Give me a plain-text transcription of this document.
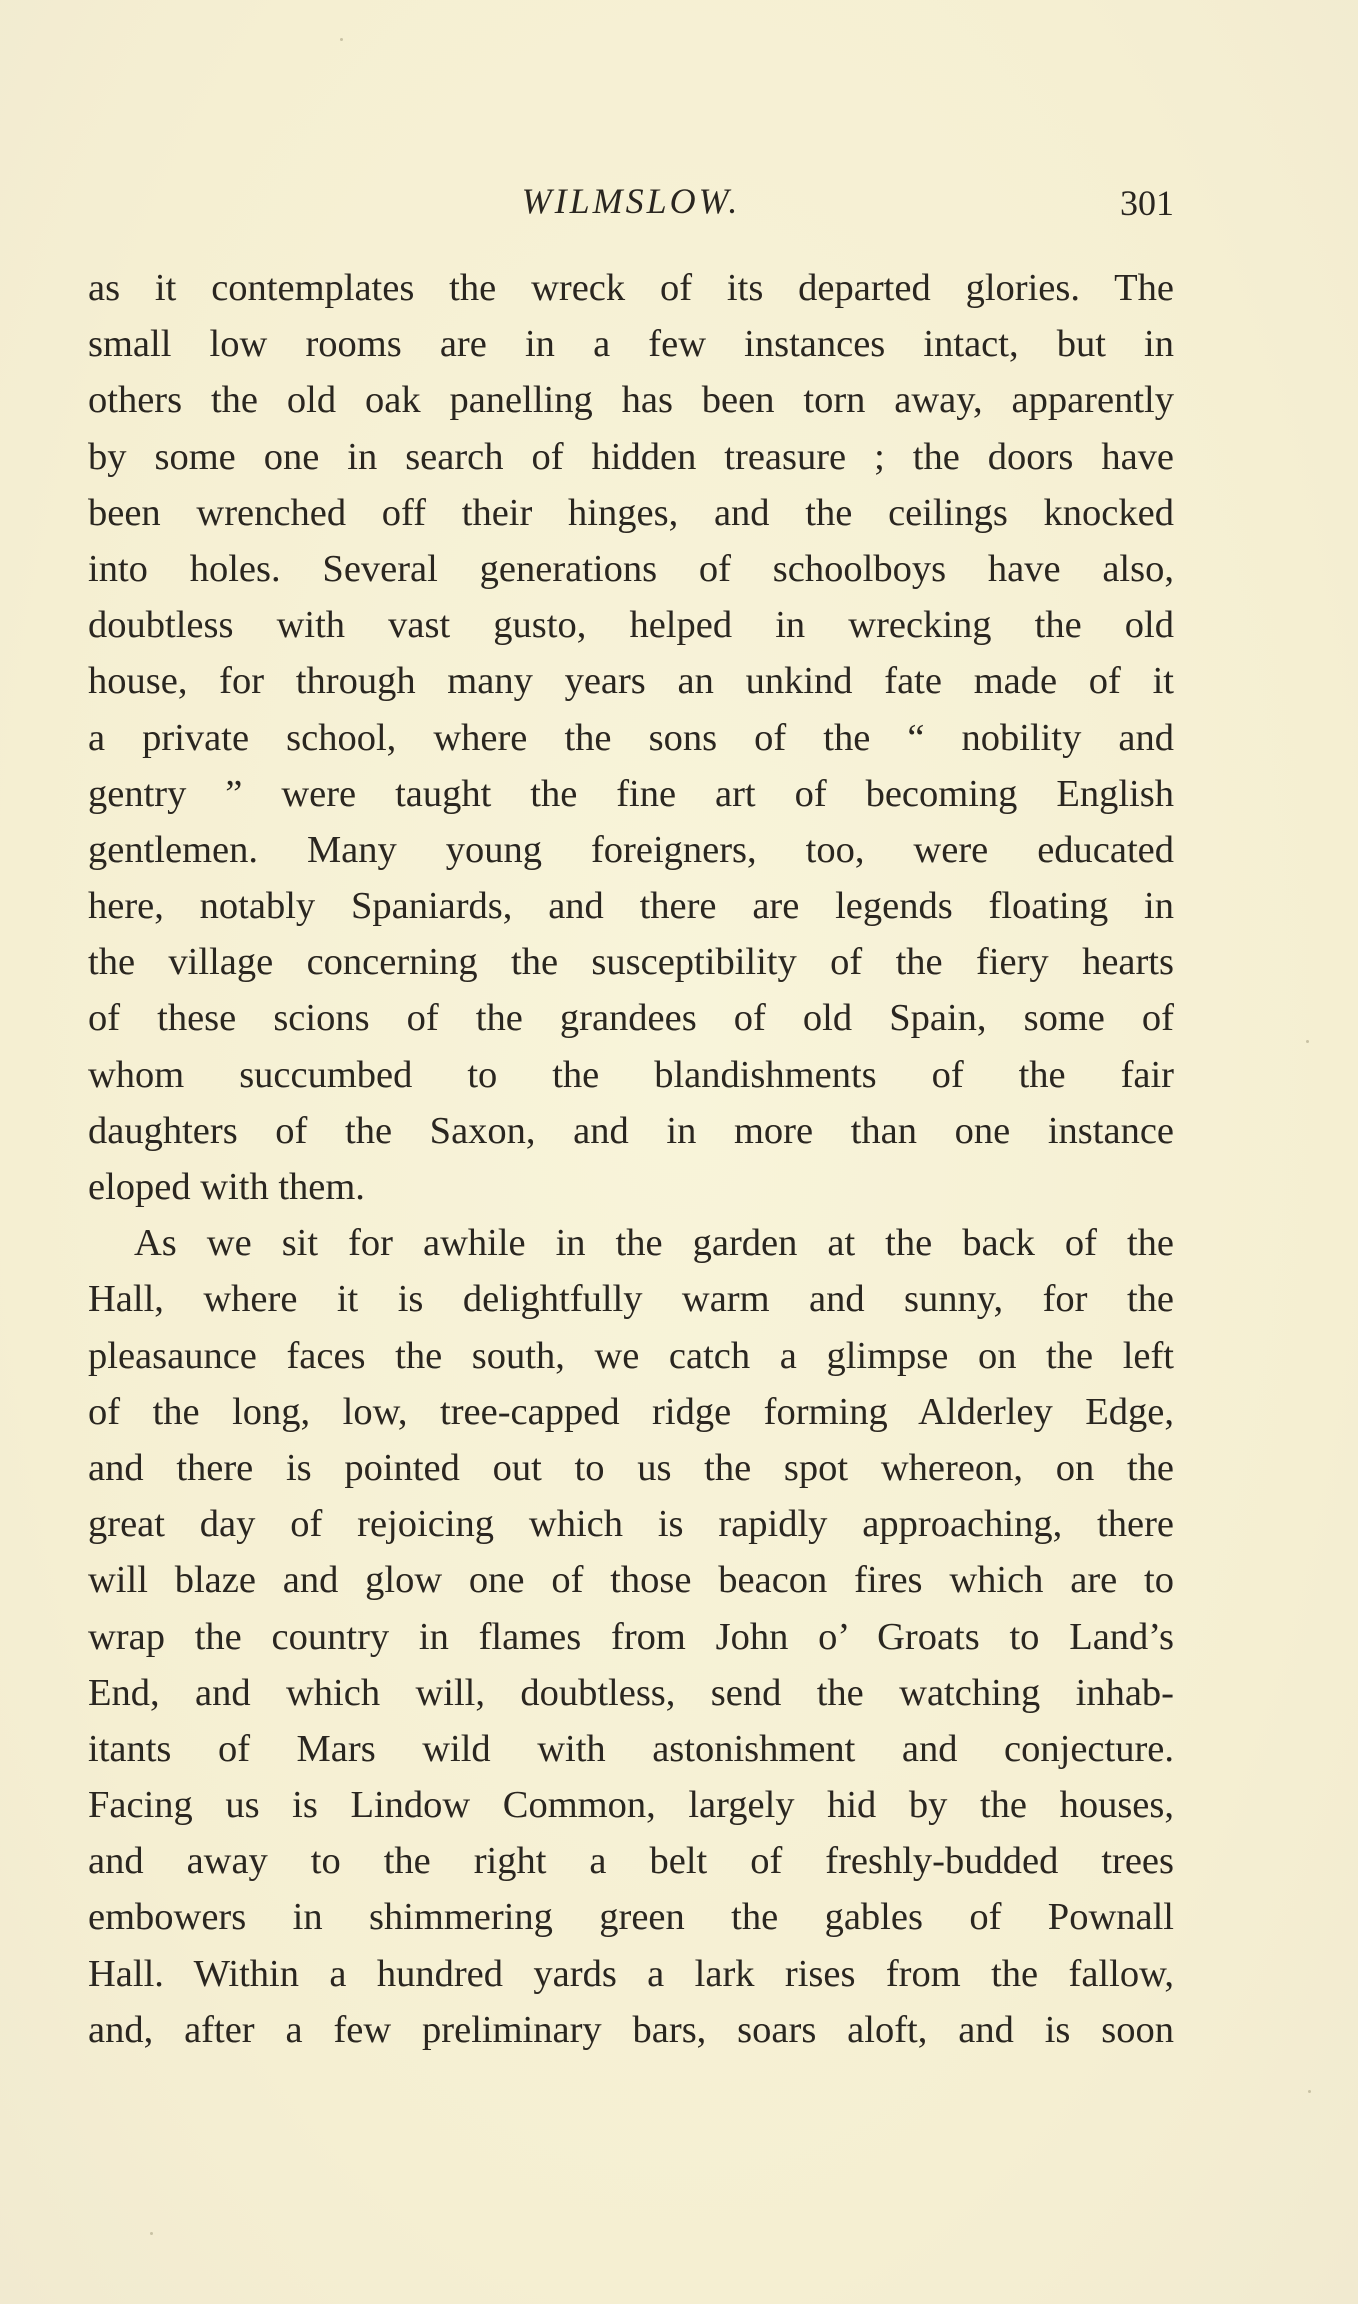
WILMSLOW.	301
as it contemplates the wreck of its departed glories. The
small low rooms are in a few instances intact, but in
others the old oak panelling has been torn away, apparently
by some one in search of hidden treasure ; the doors have
been wrenched off their hinges, and the ceilings knocked
into holes. Several generations of schoolboys have also,
doubtless with vast gusto, helped in wrecking the old
house, for through many years an unkind fate made of it
a private school, where the sons of the “ nobility and
gentry ” were taught the fine art of becoming English
gentlemen. Many young foreigners, too, were educated
here, notably Spaniards, and there are legends floating in
the village concerning the susceptibility of the fiery hearts
of these scions of the grandees of old Spain, some of
whom succumbed to the blandishments of the fair
daughters of the Saxon, and in more than one instance
eloped with them.
As we sit for awhile in the garden at the back of the
Hall, where it is delightfully warm and sunny, for the
pleasaunce faces the south, we catch a glimpse on the left
of the long, low, tree-capped ridge forming Alderley Edge,
and there is pointed out to us the spot whereon, on the
great day of rejoicing which is rapidly approaching, there
will blaze and glow one of those beacon fires which are to
wrap the country in flames from John o’ Groats to Land’s
End, and which will, doubtless, send the watching inhab-
itants of Mars wild with astonishment and conjecture.
Facing us is Lindow Common, largely hid by the houses,
and away to the right a belt of freshly-budded trees
embowers in shimmering green the gables of Pownall
Hall. Within a hundred yards a lark rises from the fallow,
and, after a few preliminary bars, soars aloft, and is soon
